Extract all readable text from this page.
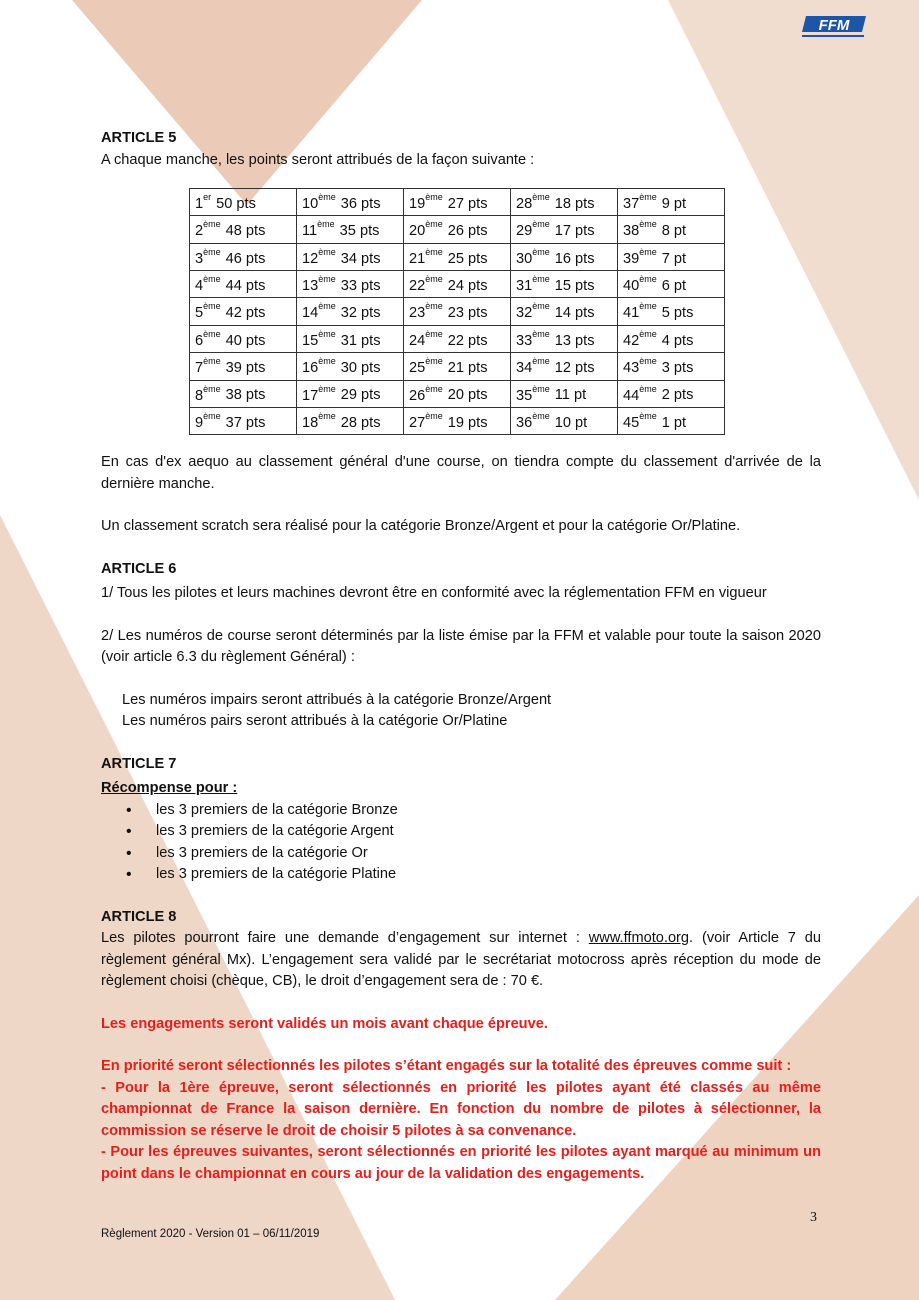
FFM
ARTICLE 5

A chaque manche, les points seront attribués de la façon suivante :

1er 50 pts	10ème 36 pts	19ème 27 pts	28ème 18 pts	37ème 9 pt
2ème 48 pts	11ème 35 pts	20ème 26 pts	29ème 17 pts	38ème 8 pt
3ème 46 pts	12ème 34 pts	21ème 25 pts	30ème 16 pts	39ème 7 pt
4ème 44 pts	13ème 33 pts	22ème 24 pts	31ème 15 pts	40ème 6 pt
5ème 42 pts	14ème 32 pts	23ème 23 pts	32ème 14 pts	41ème 5 pts
6ème 40 pts	15ème 31 pts	24ème 22 pts	33ème 13 pts	42ème 4 pts
7ème 39 pts	16ème 30 pts	25ème 21 pts	34ème 12 pts	43ème 3 pts
8ème 38 pts	17ème 29 pts	26ème 20 pts	35ème 11 pt	44ème 2 pts
9ème 37 pts	18ème 28 pts	27ème 19 pts	36ème 10 pt	45ème 1 pt

En cas d'ex aequo au classement général d'une course, on tiendra compte du classement d'arrivée de la dernière manche.

Un classement scratch sera réalisé pour la catégorie Bronze/Argent et pour la catégorie Or/Platine.

ARTICLE 6

1/ Tous les pilotes et leurs machines devront être en conformité avec la réglementation FFM en vigueur

2/ Les numéros de course seront déterminés par la liste émise par la FFM et valable pour toute la saison 2020 (voir article 6.3 du règlement Général) :

Les numéros impairs seront attribués à la catégorie Bronze/Argent

Les numéros pairs seront attribués à la catégorie Or/Platine

ARTICLE 7
Récompense pour :
• les 3 premiers de la catégorie Bronze
• les 3 premiers de la catégorie Argent
• les 3 premiers de la catégorie Or
• les 3 premiers de la catégorie Platine
ARTICLE 8

Les pilotes pourront faire une demande d’engagement sur internet : www.ffmoto.org. (voir Article 7 du règlement général Mx). L’engagement sera validé par le secrétariat motocross après réception du mode de règlement choisi (chèque, CB), le droit d’engagement sera de : 70 €.

Les engagements seront validés un mois avant chaque épreuve.

En priorité seront sélectionnés les pilotes s’étant engagés sur la totalité des épreuves comme suit :

- Pour la 1ère épreuve, seront sélectionnés en priorité les pilotes ayant été classés au même championnat de France la saison dernière. En fonction du nombre de pilotes à sélectionner, la commission se réserve le droit de choisir 5 pilotes à sa convenance.

- Pour les épreuves suivantes, seront sélectionnés en priorité les pilotes ayant marqué au minimum un point dans le championnat en cours au jour de la validation des engagements.

3
Règlement 2020 - Version 01 – 06/11/2019
